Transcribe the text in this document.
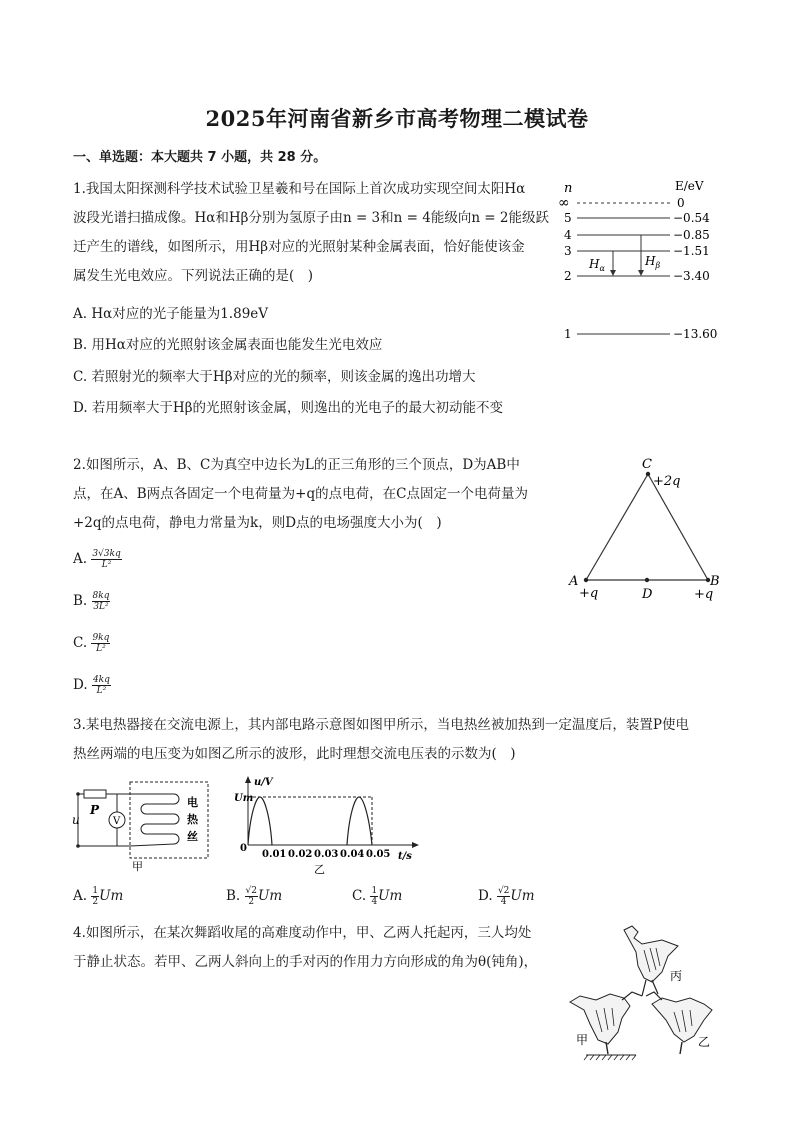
2025年河南省新乡市高考物理二模试卷
一、单选题：本大题共 7 小题，共 28 分。
1.我国太阳探测科学技术试验卫星羲和号在国际上首次成功实现空间太阳Hα
波段光谱扫描成像。Hα和Hβ分别为氢原子由n = 3和n = 4能级向n = 2能级跃
迁产生的谱线，如图所示，用Hβ对应的光照射某种金属表面，恰好能使该金
属发生光电效应。下列说法正确的是(　)
A. Hα对应的光子能量为1.89eV
B. 用Hα对应的光照射该金属表面也能发生光电效应
C. 若照射光的频率大于Hβ对应的光的频率，则该金属的逸出功增大
D. 若用频率大于Hβ的光照射该金属，则逸出的光电子的最大初动能不变
n	E/eV
∞	0
5	−0.54
4	−0.85
3	−1.51
2	−3.40
1	−13.60
$H_\alpha$
$H_\beta$
2.如图所示，A、B、C为真空中边长为L的正三角形的三个顶点，D为AB中
点，在A、B两点各固定一个电荷量为+q的点电荷，在C点固定一个电荷量为
+2q的点电荷，静电力常量为k，则D点的电场强度大小为(　)
A. $\frac{3√3kq}{\text{L²}}$
B. $\frac{8kq}{\text{3L²}}$
C. $\frac{9kq}{\text{L²}}$
D. $\frac{4kq}{\text{L²}}$
C
+2q
A
+q
B
+q
D
3.某电热器接在交流电源上，其内部电路示意图如图甲所示，当电热丝被加热到一定温度后，装置P使电
热丝两端的电压变为如图乙所示的波形，此时理想交流电压表的示数为(　)
P
u	V
电
热
丝
甲
u/V
Um
0
0.01 0.02 0.03 0.04 0.05 t/s
乙
A. $\frac{1}{2}$ Um	B. $\frac{√2}{2}$ Um	C. $\frac{1}{4}$ Um	D. $\frac{√2}{4}$ Um
4.如图所示，在某次舞蹈收尾的高难度动作中，甲、乙两人托起丙，三人均处
于静止状态。若甲、乙两人斜向上的手对丙的作用力方向形成的角为θ(钝角)，
丙
甲	乙
